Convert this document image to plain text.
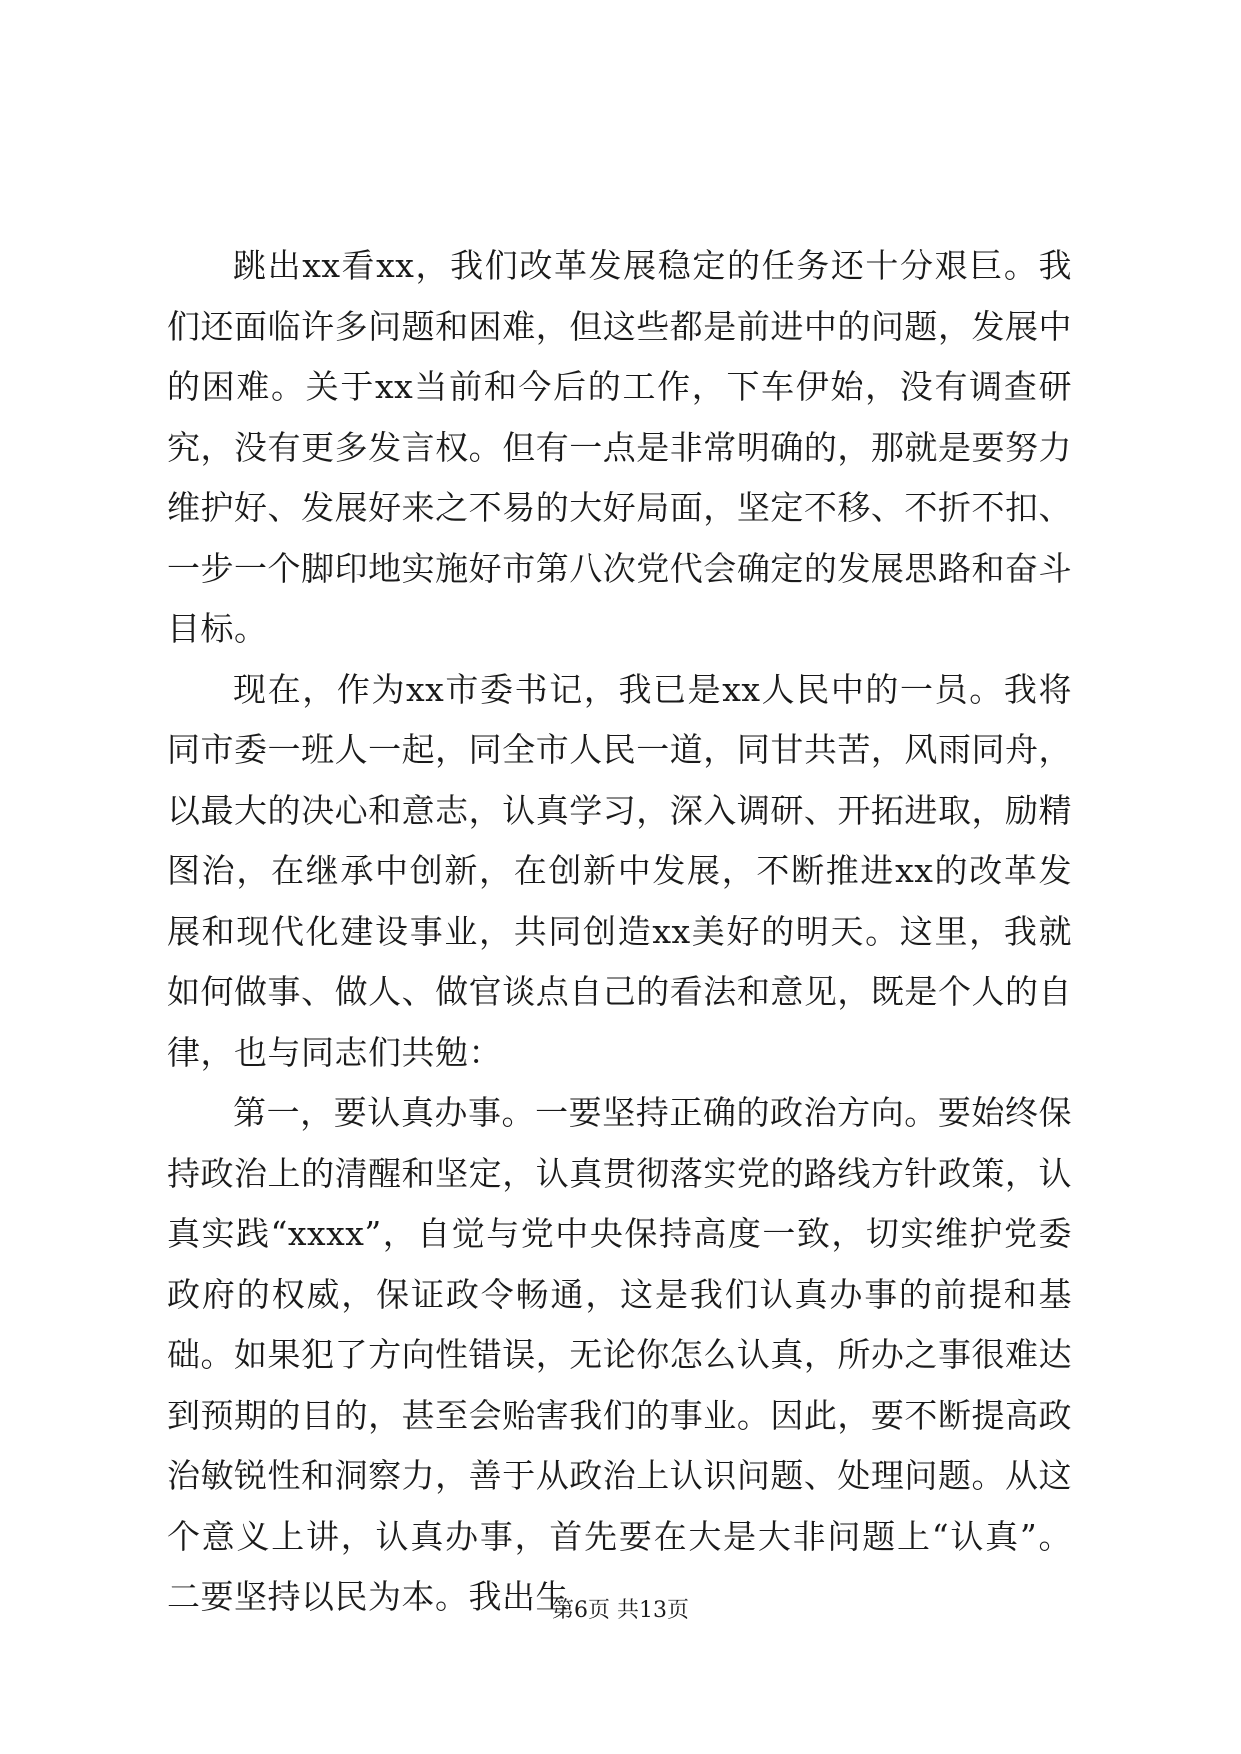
跳出xx看xx，我们改革发展稳定的任务还十分艰巨。我们还面临许多问题和困难，但这些都是前进中的问题，发展中的困难。关于xx当前和今后的工作，下车伊始，没有调查研究，没有更多发言权。但有一点是非常明确的，那就是要努力维护好、发展好来之不易的大好局面，坚定不移、不折不扣、一步一个脚印地实施好市第八次党代会确定的发展思路和奋斗目标。

现在，作为xx市委书记，我已是xx人民中的一员。我将同市委一班人一起，同全市人民一道，同甘共苦，风雨同舟，以最大的决心和意志，认真学习，深入调研、开拓进取，励精图治，在继承中创新，在创新中发展，不断推进xx的改革发展和现代化建设事业，共同创造xx美好的明天。这里，我就如何做事、做人、做官谈点自己的看法和意见，既是个人的自律，也与同志们共勉：

第一，要认真办事。一要坚持正确的政治方向。要始终保持政治上的清醒和坚定，认真贯彻落实党的路线方针政策，认真实践“xxxx”，自觉与党中央保持高度一致，切实维护党委政府的权威，保证政令畅通，这是我们认真办事的前提和基础。如果犯了方向性错误，无论你怎么认真，所办之事很难达到预期的目的，甚至会贻害我们的事业。因此，要不断提高政治敏锐性和洞察力，善于从政治上认识问题、处理问题。从这个意义上讲，认真办事，首先要在大是大非问题上“认真”。二要坚持以民为本。我出生

第6页 共13页
